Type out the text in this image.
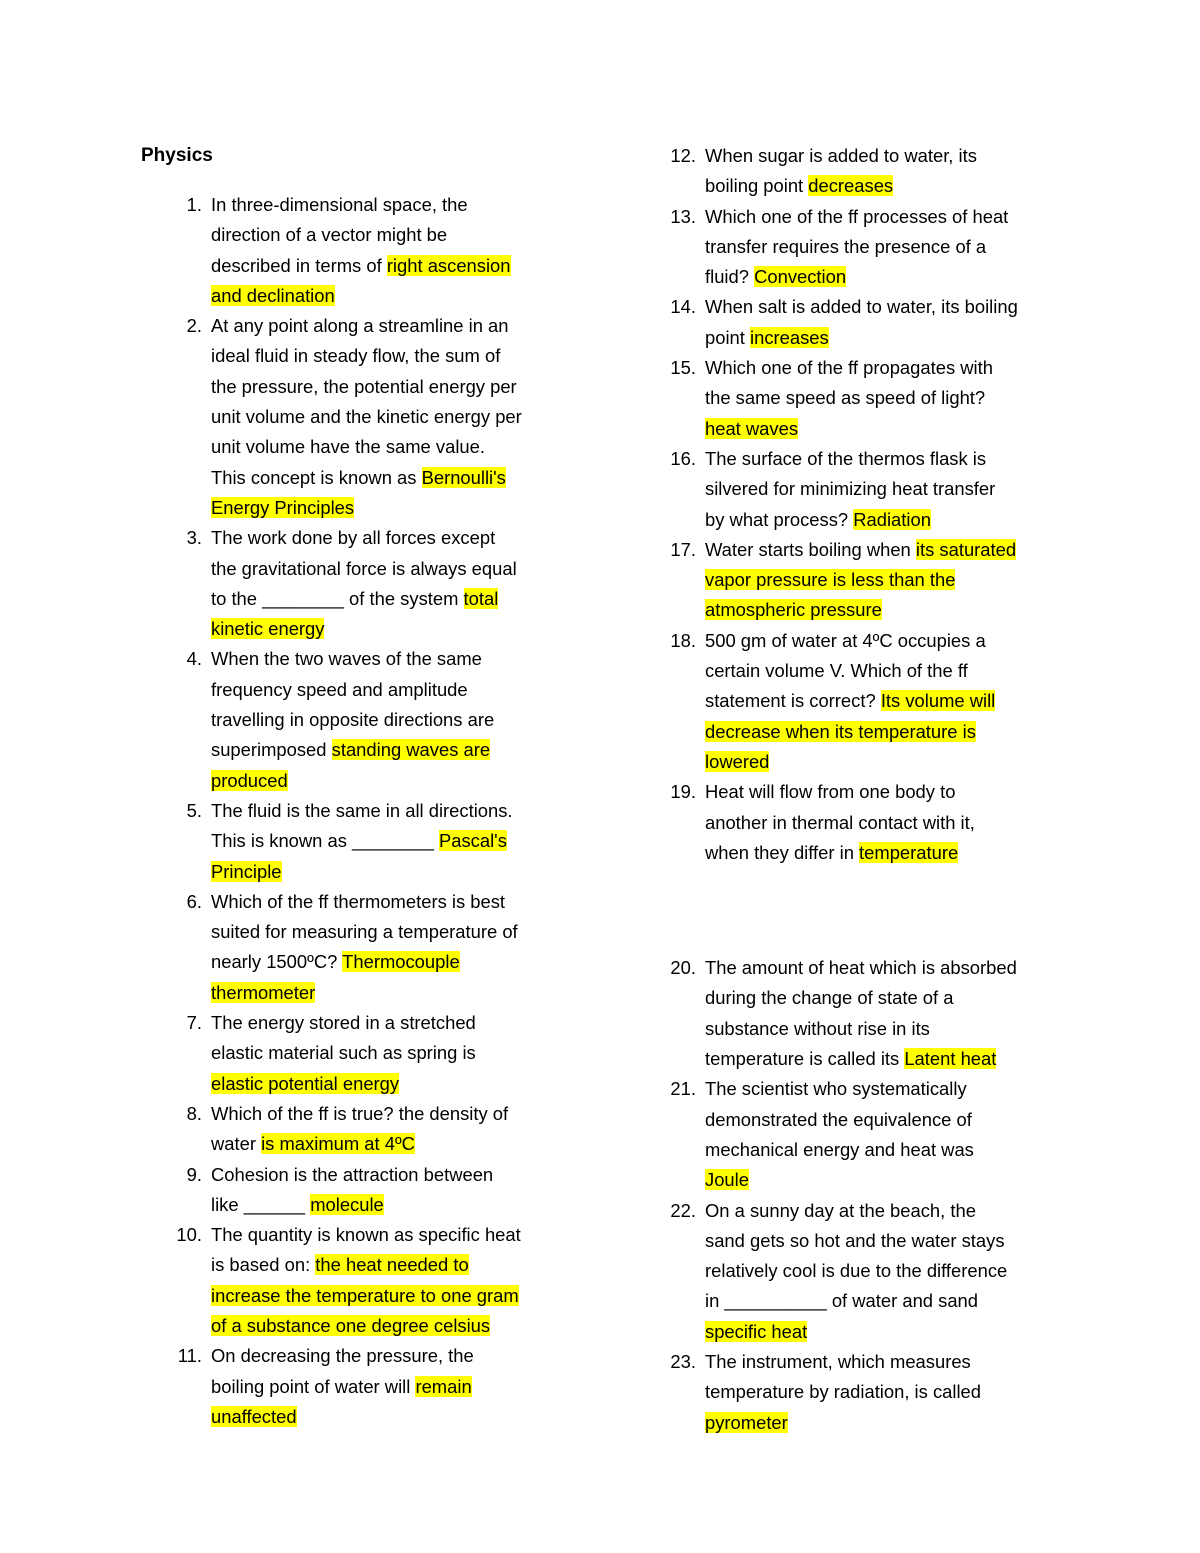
Physics
1. In three-dimensional space, the direction of a vector might be described in terms of right ascension and declination
2. At any point along a streamline in an ideal fluid in steady flow, the sum of the pressure, the potential energy per unit volume and the kinetic energy per unit volume have the same value. This concept is known as Bernoulli's Energy Principles
3. The work done by all forces except the gravitational force is always equal to the ________ of the system total kinetic energy
4. When the two waves of the same frequency speed and amplitude travelling in opposite directions are superimposed standing waves are produced
5. The fluid is the same in all directions. This is known as ________ Pascal's Principle
6. Which of the ff thermometers is best suited for measuring a temperature of nearly 1500ºC? Thermocouple thermometer
7. The energy stored in a stretched elastic material such as spring is elastic potential energy
8. Which of the ff is true? the density of water is maximum at 4ºC
9. Cohesion is the attraction between like ______ molecule
10. The quantity is known as specific heat is based on: the heat needed to increase the temperature to one gram of a substance one degree celsius
11. On decreasing the pressure, the boiling point of water will remain unaffected
12. When sugar is added to water, its boiling point decreases
13. Which one of the ff processes of heat transfer requires the presence of a fluid? Convection
14. When salt is added to water, its boiling point increases
15. Which one of the ff propagates with the same speed as speed of light? heat waves
16. The surface of the thermos flask is silvered for minimizing heat transfer by what process? Radiation
17. Water starts boiling when its saturated vapor pressure is less than the atmospheric pressure
18. 500 gm of water at 4ºC occupies a certain volume V. Which of the ff statement is correct? Its volume will decrease when its temperature is lowered
19. Heat will flow from one body to another in thermal contact with it, when they differ in temperature
20. The amount of heat which is absorbed during the change of state of a substance without rise in its temperature is called its Latent heat
21. The scientist who systematically demonstrated the equivalence of mechanical energy and heat was Joule
22. On a sunny day at the beach, the sand gets so hot and the water stays relatively cool is due to the difference in __________ of water and sand specific heat
23. The instrument, which measures temperature by radiation, is called pyrometer
